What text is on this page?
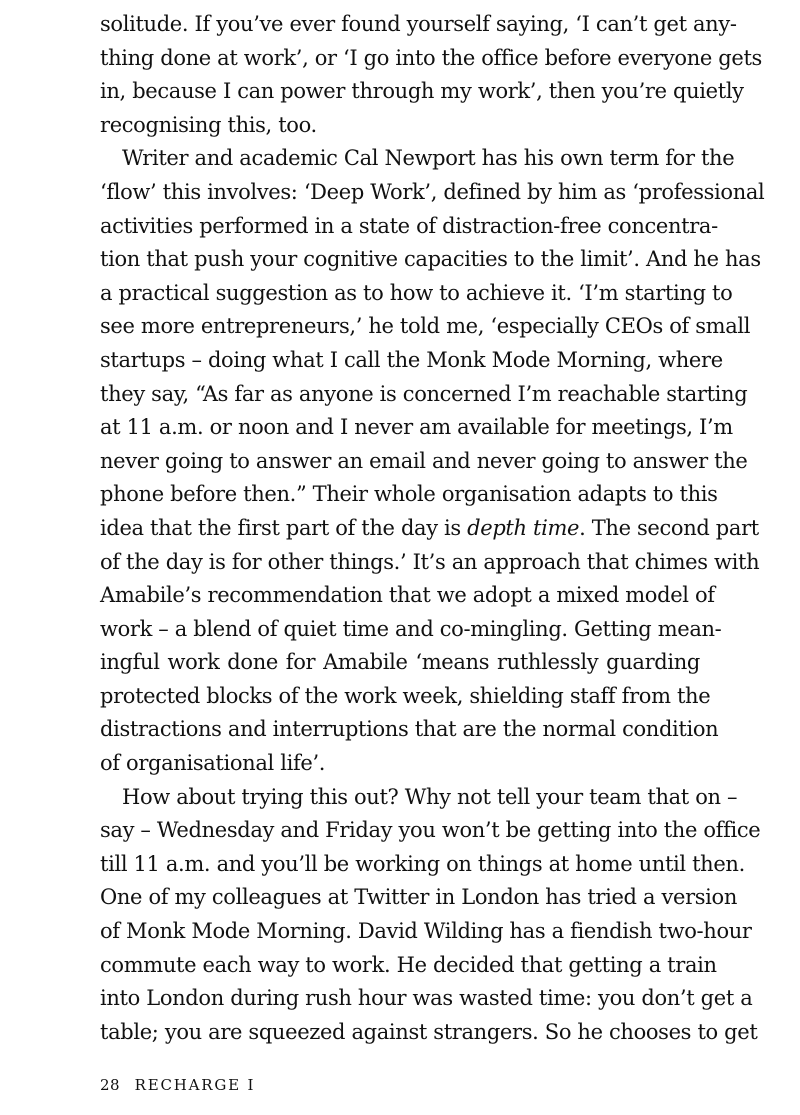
solitude. If you’ve ever found yourself saying, ‘I can’t get any-
thing done at work’, or ‘I go into the office before everyone gets
in, because I can power through my work’, then you’re quietly
recognising this, too.
Writer and academic Cal Newport has his own term for the
‘flow’ this involves: ‘Deep Work’, defined by him as ‘professional
activities performed in a state of distraction-free concentra-
tion that push your cognitive capacities to the limit’. And he has
a practical suggestion as to how to achieve it. ‘I’m starting to
see more entrepreneurs,’ he told me, ‘especially CEOs of small
startups – doing what I call the Monk Mode Morning, where
they say, “As far as anyone is concerned I’m reachable starting
at 11 a.m. or noon and I never am available for meetings, I’m
never going to answer an email and never going to answer the
phone before then.” Their whole organisation adapts to this
idea that the first part of the day is depth time. The second part
of the day is for other things.’ It’s an approach that chimes with
Amabile’s recommendation that we adopt a mixed model of
work – a blend of quiet time and co-mingling. Getting mean-
ingful work done for Amabile ‘means ruthlessly guarding
protected blocks of the work week, shielding staff from the
distractions and interruptions that are the normal condition
of organisational life’.
How about trying this out? Why not tell your team that on –
say – Wednesday and Friday you won’t be getting into the office
till 11 a.m. and you’ll be working on things at home until then.
One of my colleagues at Twitter in London has tried a version
of Monk Mode Morning. David Wilding has a fiendish two-hour
commute each way to work. He decided that getting a train
into London during rush hour was wasted time: you don’t get a
table; you are squeezed against strangers. So he chooses to get
28 RECHARGE I
